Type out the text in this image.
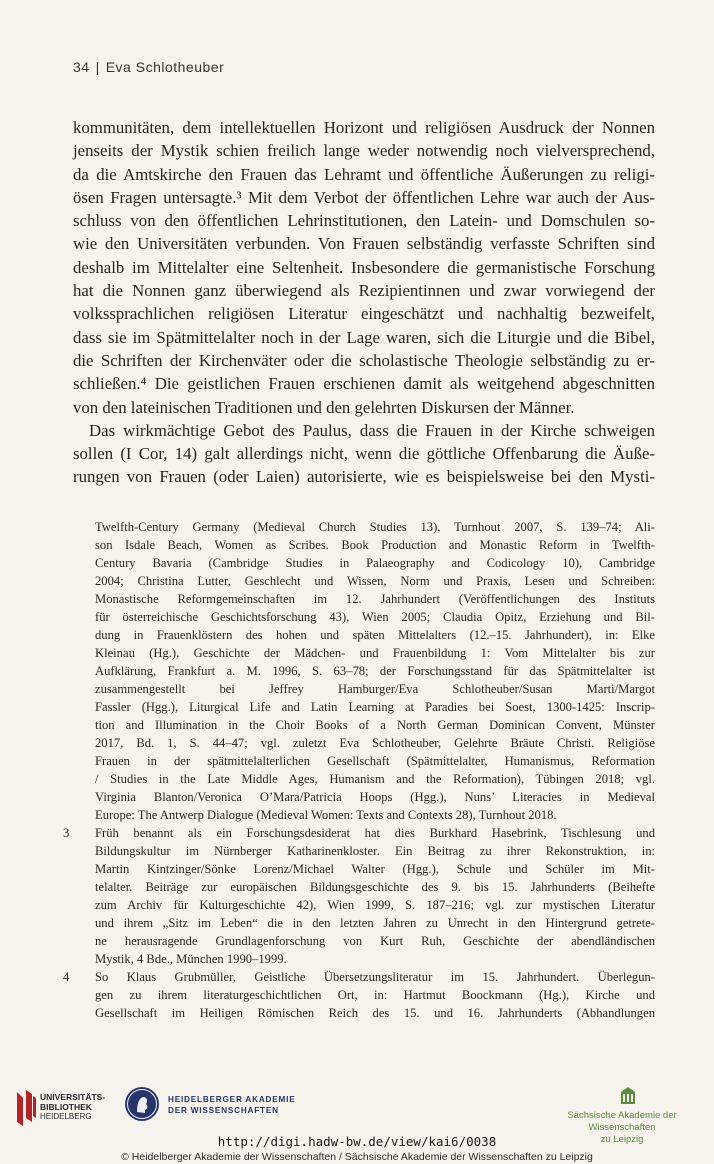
34 | Eva Schlotheuber
kommunitäten, dem intellektuellen Horizont und religiösen Ausdruck der Nonnen
jenseits der Mystik schien freilich lange weder notwendig noch vielversprechend,
da die Amtskirche den Frauen das Lehramt und öffentliche Äußerungen zu religi-
ösen Fragen untersagte.³ Mit dem Verbot der öffentlichen Lehre war auch der Aus-
schluss von den öffentlichen Lehrinstitutionen, den Latein- und Domschulen so-
wie den Universitäten verbunden. Von Frauen selbständig verfasste Schriften sind
deshalb im Mittelalter eine Seltenheit. Insbesondere die germanistische Forschung
hat die Nonnen ganz überwiegend als Rezipientinnen und zwar vorwiegend der
volkssprachlichen religiösen Literatur eingeschätzt und nachhaltig bezweifelt,
dass sie im Spätmittelalter noch in der Lage waren, sich die Liturgie und die Bibel,
die Schriften der Kirchenväter oder die scholastische Theologie selbständig zu er-
schließen.⁴ Die geistlichen Frauen erschienen damit als weitgehend abgeschnitten
von den lateinischen Traditionen und den gelehrten Diskursen der Männer.
Das wirkmächtige Gebot des Paulus, dass die Frauen in der Kirche schweigen
sollen (I Cor, 14) galt allerdings nicht, wenn die göttliche Offenbarung die Äuße-
rungen von Frauen (oder Laien) autorisierte, wie es beispielsweise bei den Mysti-
Twelfth-Century Germany (Medieval Church Studies 13), Turnhout 2007, S. 139–74; Ali-
son Isdale Beach, Women as Scribes. Book Production and Monastic Reform in Twelfth-
Century Bavaria (Cambridge Studies in Palaeography and Codicology 10), Cambridge
2004; Christina Lutter, Geschlecht und Wissen, Norm und Praxis, Lesen und Schreiben:
Monastische Reformgemeinschaften im 12. Jahrhundert (Veröffentlichungen des Instituts
für österreichische Geschichtsforschung 43), Wien 2005; Claudia Opitz, Erziehung und Bil-
dung in Frauenklöstern des hohen und späten Mittelalters (12.–15. Jahrhundert), in: Elke
Kleinau (Hg.), Geschichte der Mädchen- und Frauenbildung 1: Vom Mittelalter bis zur
Aufklärung, Frankfurt a. M. 1996, S. 63–78; der Forschungsstand für das Spätmittelalter ist
zusammengestellt bei Jeffrey Hamburger/Eva Schlotheuber/Susan Marti/Margot
Fassler (Hgg.), Liturgical Life and Latin Learning at Paradies bei Soest, 1300-1425: Inscrip-
tion and Illumination in the Choir Books of a North German Dominican Convent, Münster
2017, Bd. 1, S. 44–47; vgl. zuletzt Eva Schlotheuber, Gelehrte Bräute Christi. Religiöse
Frauen in der spätmittelalterlichen Gesellschaft (Spätmittelalter, Humanismus, Reformation
/ Studies in the Late Middle Ages, Humanism and the Reformation), Tübingen 2018; vgl.
Virginia Blanton/Veronica O’Mara/Patricia Hoops (Hgg.), Nuns’ Literacies in Medieval
Europe: The Antwerp Dialogue (Medieval Women: Texts and Contexts 28), Turnhout 2018.
3	Früh benannt als ein Forschungsdesiderat hat dies Burkhard Hasebrink, Tischlesung und
Bildungskultur im Nürnberger Katharinenkloster. Ein Beitrag zu ihrer Rekonstruktion, in:
Martin Kintzinger/Sönke Lorenz/Michael Walter (Hgg.), Schule und Schüler im Mit-
telalter. Beiträge zur europäischen Bildungsgeschichte des 9. bis 15. Jahrhunderts (Beihefte
zum Archiv für Kulturgeschichte 42), Wien 1999, S. 187–216; vgl. zur mystischen Literatur
und ihrem „Sitz im Leben“ die in den letzten Jahren zu Unrecht in den Hintergrund getrete-
ne herausragende Grundlagenforschung von Kurt Ruh, Geschichte der abendländischen
Mystik, 4 Bde., München 1990–1999.
4	So Klaus Grubmüller, Geistliche Übersetzungsliteratur im 15. Jahrhundert. Überlegun-
gen zu ihrem literaturgeschichtlichen Ort, in: Hartmut Boockmann (Hg.), Kirche und
Gesellschaft im Heiligen Römischen Reich des 15. und 16. Jahrhunderts (Abhandlungen
UNIVERSITÄTS-
BIBLIOTHEK
HEIDELBERG
HEIDELBERGER AKADEMIE
DER WISSENSCHAFTEN	Sächsische Akademie der Wissenschaften
zu Leipzig
http://digi.hadw-bw.de/view/kai6/0038
© Heidelberger Akademie der Wissenschaften / Sächsische Akademie der Wissenschaften zu Leipzig
